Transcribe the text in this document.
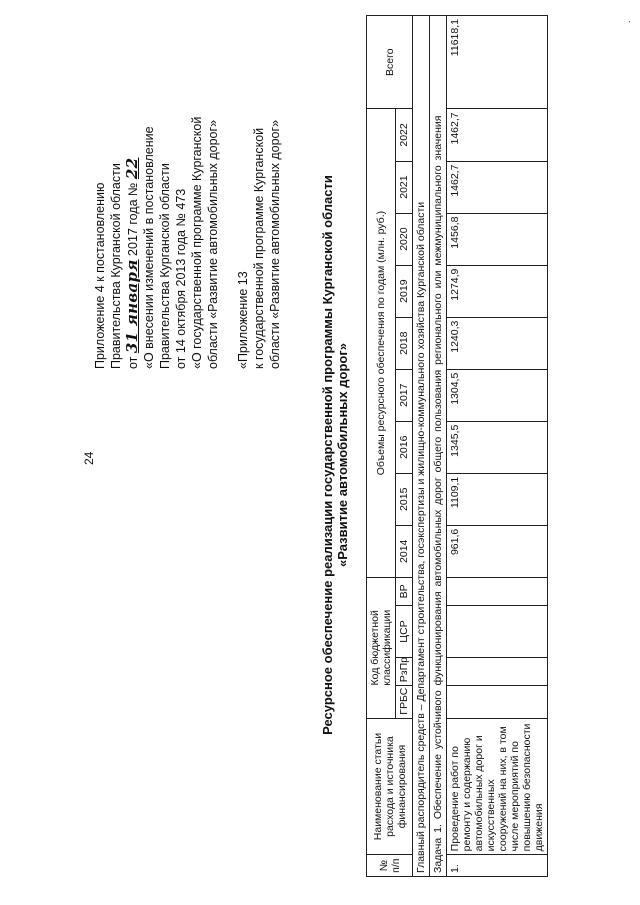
24
Приложение 4 к постановлению Правительства Курганской области от 31 января 2017 года № 22 «О внесении изменений в постановление Правительства Курганской области от 14 октября 2013 года № 473 «О государственной программе Курганской области «Развитие автомобильных дорог» «Приложение 13 к государственной программе Курганской области «Развитие автомобильных дорог»	Ресурсное обеспечение реализации государственной программы Курганской области «Развитие автомобильных дорог»
№ п/п	Наименование статьи расхода и источника финансирования	Код бюджетной классификации				Объемы ресурсного обеспечения по годам (млн. руб.)									Всего
		ГРБС	РзПр	ЦСР	ВР	2014	2015	2016	2017	2018	2019	2020	2021	2022	
Главный распорядитель средств – Департамент строительства, госэкспертизы и жилищно-коммунального хозяйства Курганской области															
Задача 1. Обеспечение устойчивого функционирования автомобильных дорог общего пользования регионального или межмуниципального значения															
1.	Проведение работ по ремонту и содержанию автомобильных дорог и искусственных сооружений на них, в том числе мероприятий по повышению безопасности движения					961,6	1109,1	1345,5	1304,5	1240,3	1274,9	1456,8	1462,7	1462,7	11618,1	.
